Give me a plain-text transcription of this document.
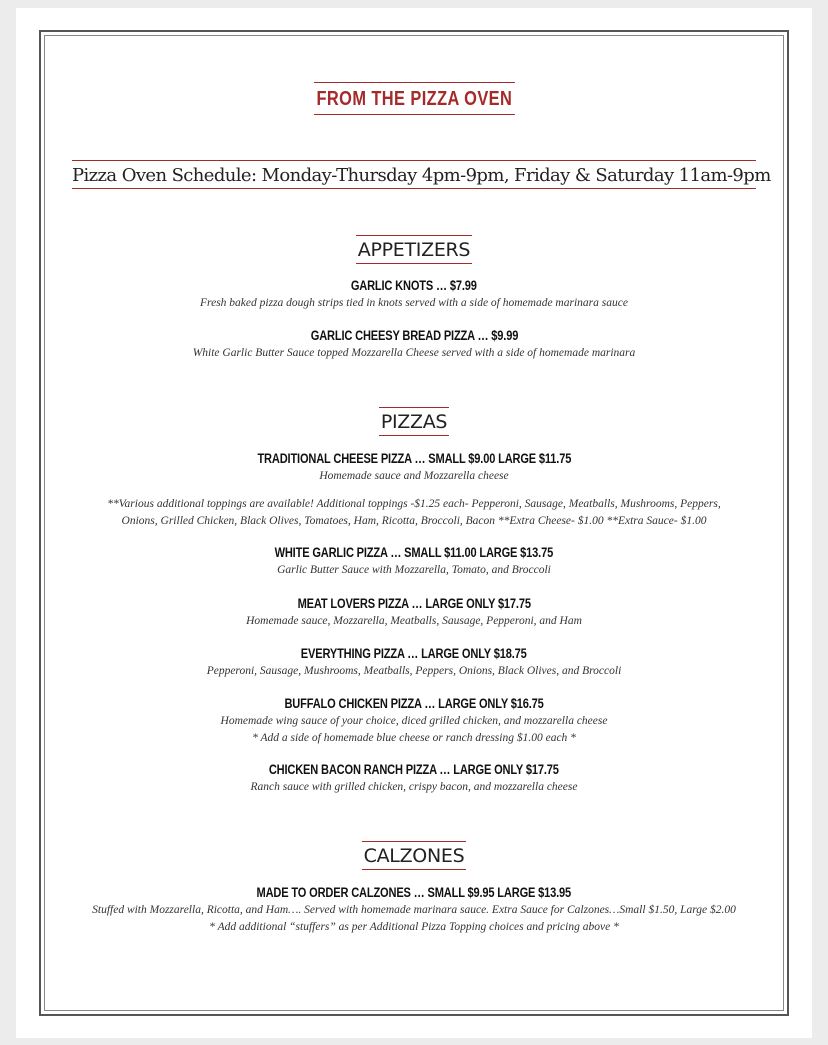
FROM THE PIZZA OVEN
Pizza Oven Schedule: Monday-Thursday 4pm-9pm, Friday & Saturday 11am-9pm
APPETIZERS
GARLIC KNOTS … $7.99
Fresh baked pizza dough strips tied in knots served with a side of homemade marinara sauce
GARLIC CHEESY BREAD PIZZA … $9.99
White Garlic Butter Sauce topped Mozzarella Cheese served with a side of homemade marinara
PIZZAS
TRADITIONAL CHEESE PIZZA … SMALL $9.00 LARGE $11.75
Homemade sauce and Mozzarella cheese
**Various additional toppings are available! Additional toppings -$1.25 each- Pepperoni, Sausage, Meatballs, Mushrooms, Peppers,
Onions, Grilled Chicken, Black Olives, Tomatoes, Ham, Ricotta, Broccoli, Bacon **Extra Cheese- $1.00 **Extra Sauce- $1.00
WHITE GARLIC PIZZA … SMALL $11.00 LARGE $13.75
Garlic Butter Sauce with Mozzarella, Tomato, and Broccoli
MEAT LOVERS PIZZA … LARGE ONLY $17.75
Homemade sauce, Mozzarella, Meatballs, Sausage, Pepperoni, and Ham
EVERYTHING PIZZA … LARGE ONLY $18.75
Pepperoni, Sausage, Mushrooms, Meatballs, Peppers, Onions, Black Olives, and Broccoli
BUFFALO CHICKEN PIZZA … LARGE ONLY $16.75
Homemade wing sauce of your choice, diced grilled chicken, and mozzarella cheese
* Add a side of homemade blue cheese or ranch dressing $1.00 each *
CHICKEN BACON RANCH PIZZA … LARGE ONLY $17.75
Ranch sauce with grilled chicken, crispy bacon, and mozzarella cheese
CALZONES
MADE TO ORDER CALZONES … SMALL $9.95 LARGE $13.95
Stuffed with Mozzarella, Ricotta, and Ham…. Served with homemade marinara sauce. Extra Sauce for Calzones…Small $1.50, Large $2.00
* Add additional “stuffers” as per Additional Pizza Topping choices and pricing above *
